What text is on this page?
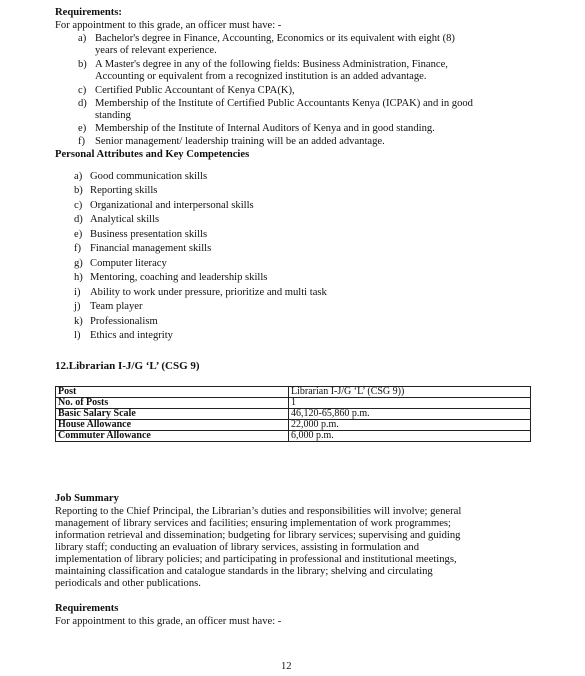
Requirements:
For appointment to this grade, an officer must have: -
a) Bachelor's degree in Finance, Accounting, Economics or its equivalent with eight (8)
years of relevant experience.
b) A Master's degree in any of the following fields: Business Administration, Finance,
Accounting or equivalent from a recognized institution is an added advantage.
c) Certified Public Accountant of Kenya CPA(K),
d) Membership of the Institute of Certified Public Accountants Kenya (ICPAK) and in good
standing
e) Membership of the Institute of Internal Auditors of Kenya and in good standing.
f) Senior management/ leadership training will be an added advantage.
Personal Attributes and Key Competencies
a) Good communication skills
b) Reporting skills
c) Organizational and interpersonal skills
d) Analytical skills
e) Business presentation skills
f) Financial management skills
g) Computer literacy
h) Mentoring, coaching and leadership skills
i) Ability to work under pressure, prioritize and multi task
j) Team player
k) Professionalism
l) Ethics and integrity
12.Librarian I-J/G ‘L’ (CSG 9)
Post	Librarian I-J/G ‘L’ (CSG 9))
No. of Posts	1
Basic Salary Scale	46,120-65,860 p.m.
House Allowance	22,000 p.m.
Commuter Allowance	6,000 p.m.
Job Summary
Reporting to the Chief Principal, the Librarian’s duties and responsibilities will involve; general
management of library services and facilities; ensuring implementation of work programmes;
information retrieval and dissemination; budgeting for library services; supervising and guiding
library staff; conducting an evaluation of library services, assisting in formulation and
implementation of library policies; and participating in professional and institutional meetings,
maintaining classification and catalogue standards in the library; shelving and circulating
periodicals and other publications.
Requirements
For appointment to this grade, an officer must have: -
12
